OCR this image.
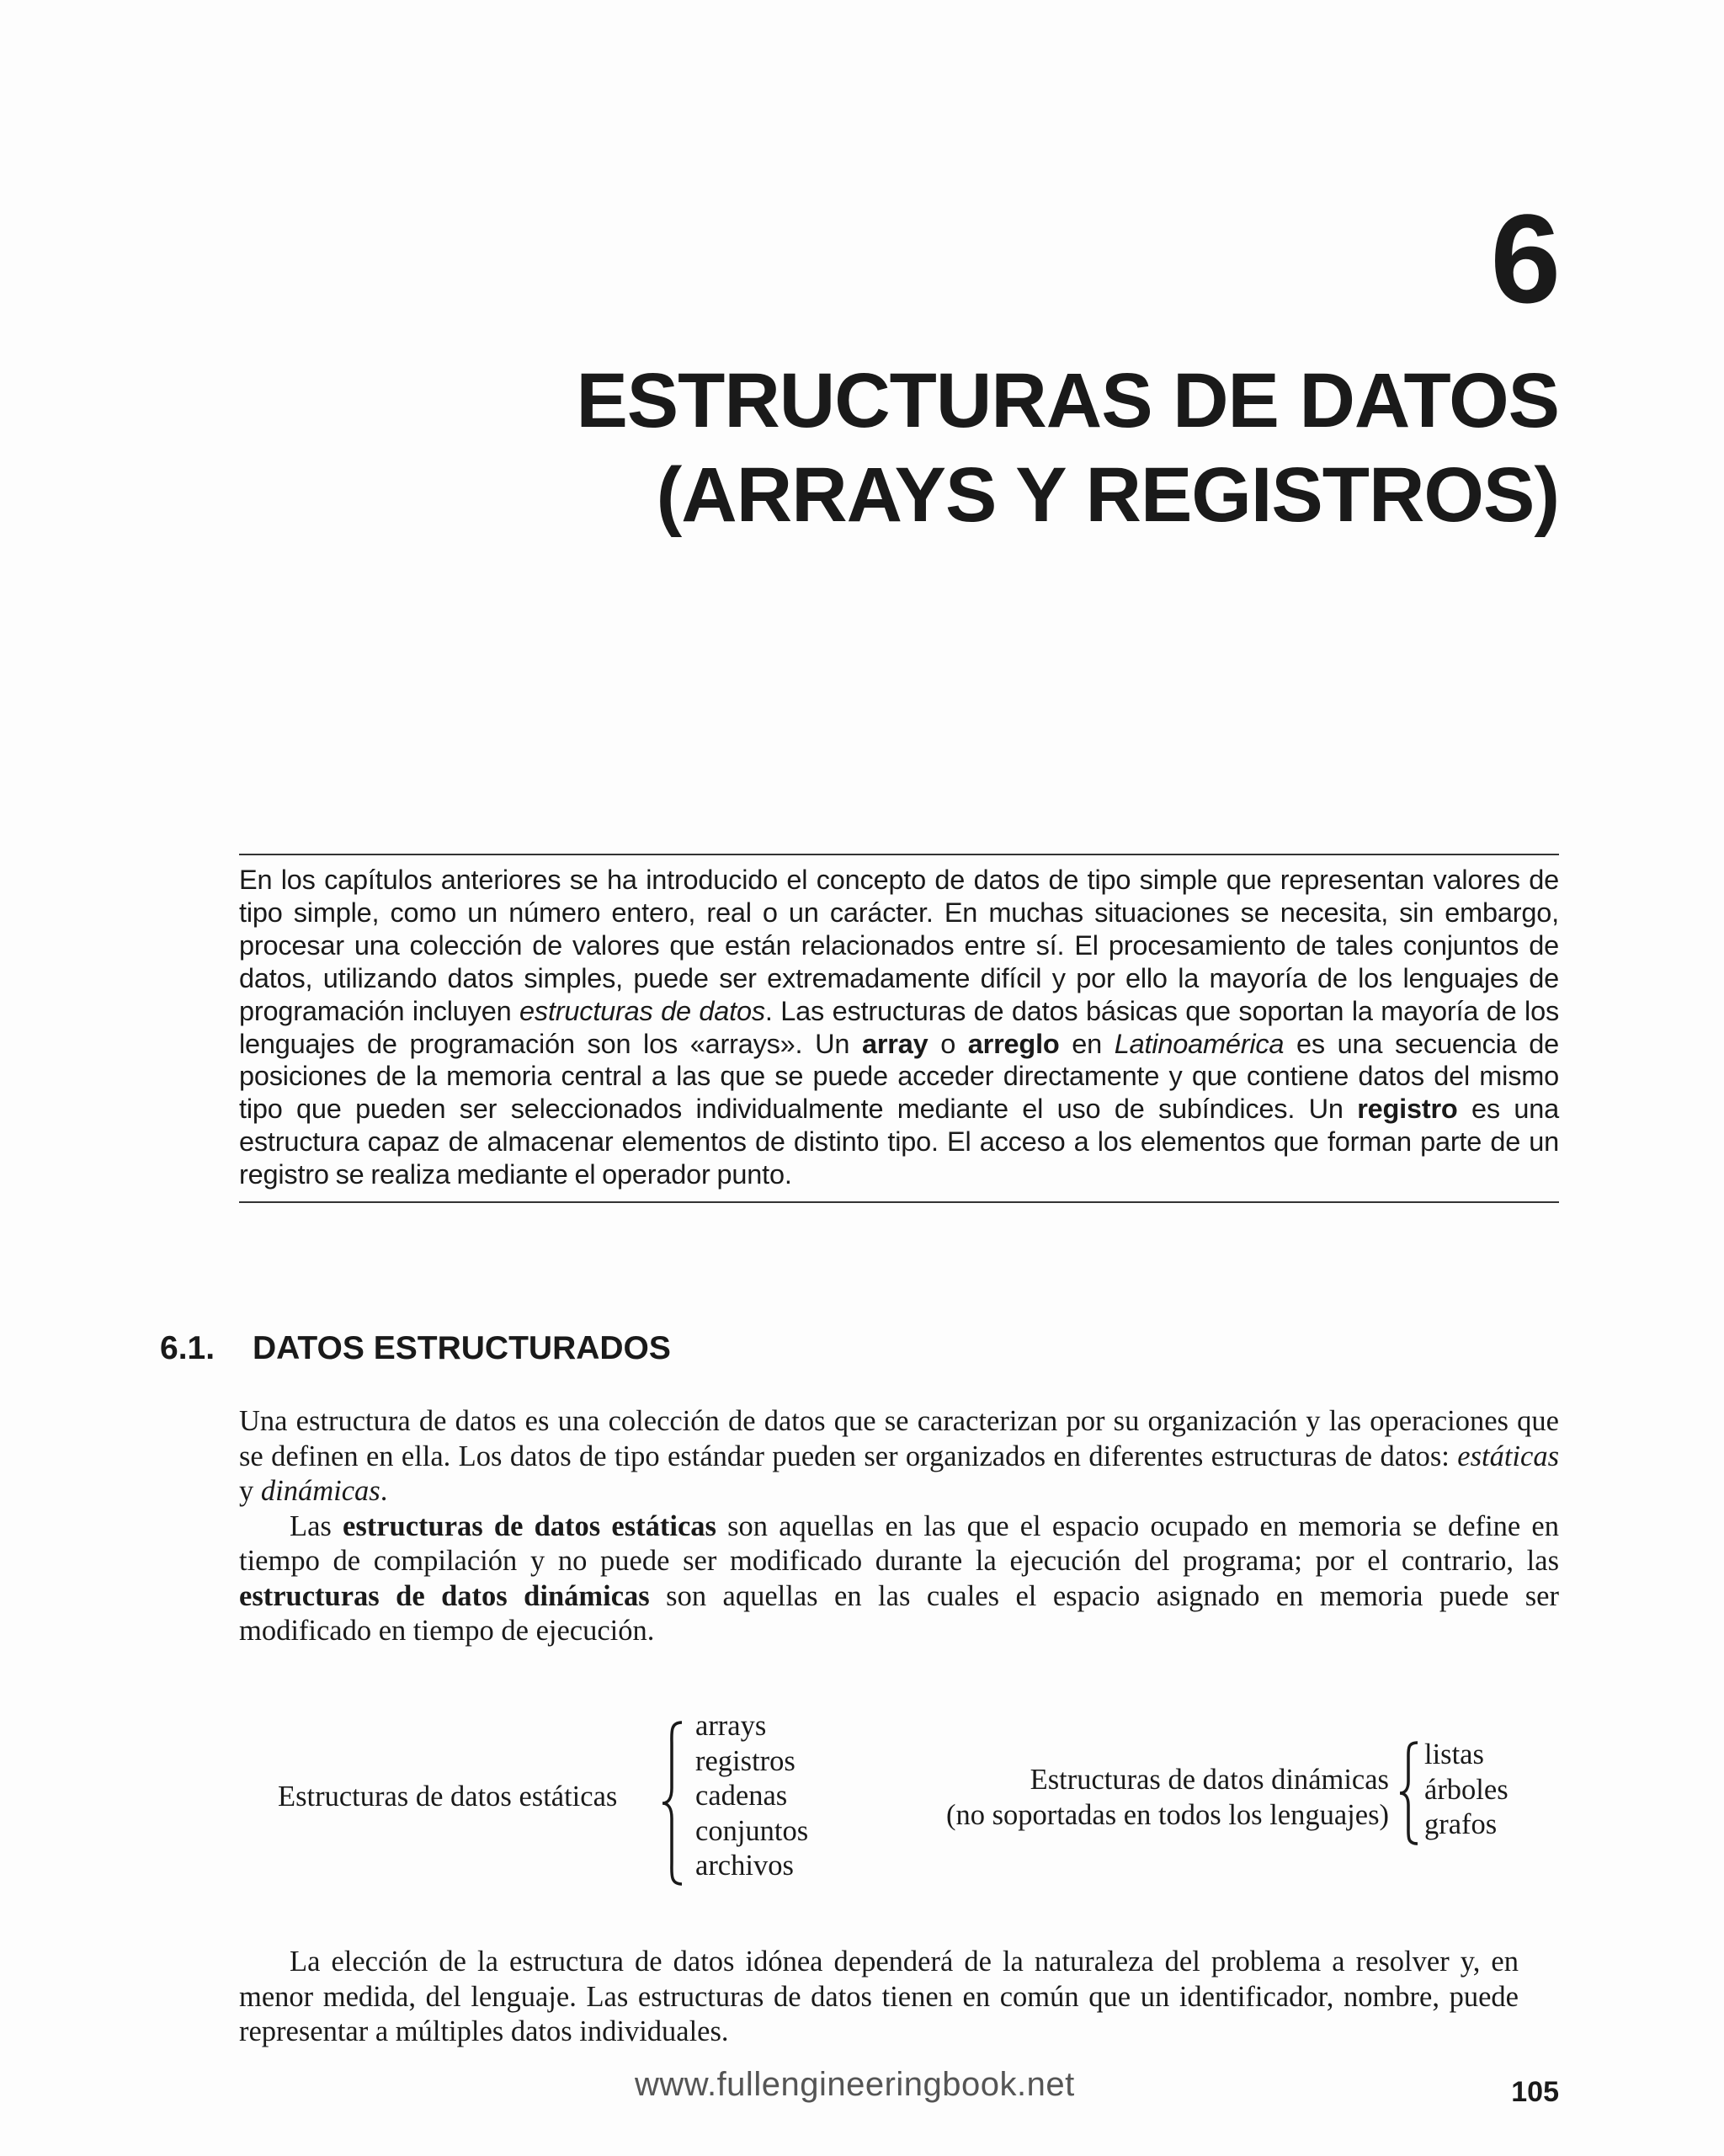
6
ESTRUCTURAS DE DATOS
(ARRAYS Y REGISTROS)

En los capítulos anteriores se ha introducido el concepto de datos de tipo simple que representan valores de tipo simple, como un número entero, real o un carácter. En muchas situaciones se necesita, sin embargo, procesar una colección de valores que están relacionados entre sí. El procesamiento de tales conjuntos de datos, utilizando datos simples, puede ser extremadamente difícil y por ello la mayoría de los lenguajes de programación incluyen estructuras de datos. Las estructuras de datos básicas que soportan la mayoría de los lenguajes de programación son los «arrays». Un array o arreglo en Latinoamérica es una secuencia de posiciones de la memoria central a las que se puede acceder directamente y que contiene datos del mismo tipo que pueden ser seleccionados individualmente mediante el uso de subíndices. Un registro es una estructura capaz de almacenar elementos de distinto tipo. El acceso a los elementos que forman parte de un registro se realiza mediante el operador punto.

6.1. DATOS ESTRUCTURADOS

Una estructura de datos es una colección de datos que se caracterizan por su organización y las operaciones que se definen en ella. Los datos de tipo estándar pueden ser organizados en diferentes estructuras de datos: estáticas y dinámicas.
Las estructuras de datos estáticas son aquellas en las que el espacio ocupado en memoria se define en tiempo de compilación y no puede ser modificado durante la ejecución del programa; por el contrario, las estructuras de datos dinámicas son aquellas en las cuales el espacio asignado en memoria puede ser modificado en tiempo de ejecución.

Estructuras de datos estáticas
arrays
registros
cadenas
conjuntos
archivos
Estructuras de datos dinámicas
(no soportadas en todos los lenguajes)
listas
árboles
grafos

La elección de la estructura de datos idónea dependerá de la naturaleza del problema a resolver y, en menor medida, del lenguaje. Las estructuras de datos tienen en común que un identificador, nombre, puede representar a múltiples datos individuales.

www.fullengineeringbook.net	105
